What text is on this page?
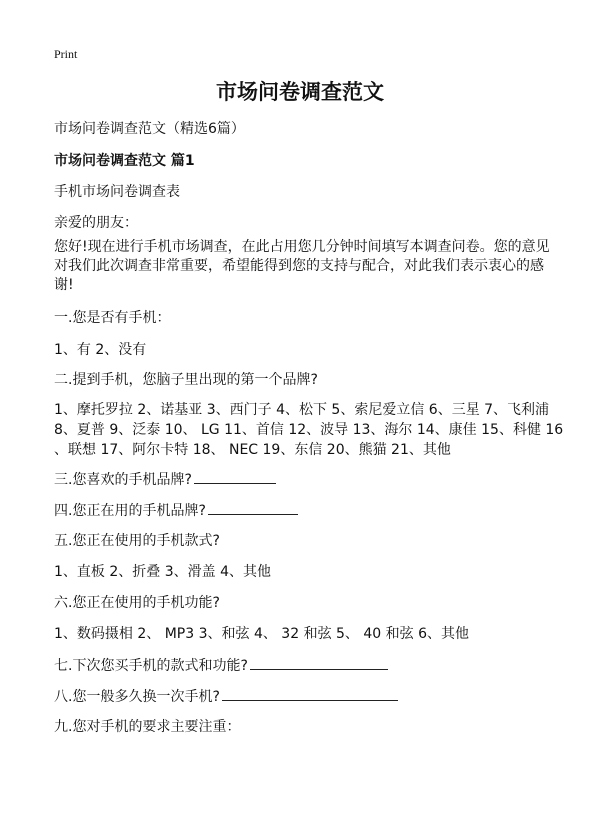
Print
市场问卷调查范文
市场问卷调查范文（精选6篇）
市场问卷调查范文 篇1
手机市场问卷调查表
亲爱的朋友：
您好!现在进行手机市场调查，在此占用您几分钟时间填写本调查问卷。您的意见对我们此次调查非常重要，希望能得到您的支持与配合，对此我们表示衷心的感谢!
一.您是否有手机：
1、有 2、没有
二.提到手机，您脑子里出现的第一个品牌?
1、摩托罗拉 2、诺基亚 3、西门子 4、松下 5、索尼爱立信 6、三星 7、飞利浦
8、夏普 9、泛泰 10、 LG 11、首信 12、波导 13、海尔 14、康佳 15、科健 16
、联想 17、阿尔卡特 18、 NEC 19、东信 20、熊猫 21、其他
三.您喜欢的手机品牌?
四.您正在用的手机品牌?
五.您正在使用的手机款式?
1、直板 2、折叠 3、滑盖 4、其他
六.您正在使用的手机功能?
1、数码摄相 2、 MP3 3、和弦 4、 32 和弦 5、 40 和弦 6、其他
七.下次您买手机的款式和功能?
八.您一般多久换一次手机?
九.您对手机的要求主要注重：
